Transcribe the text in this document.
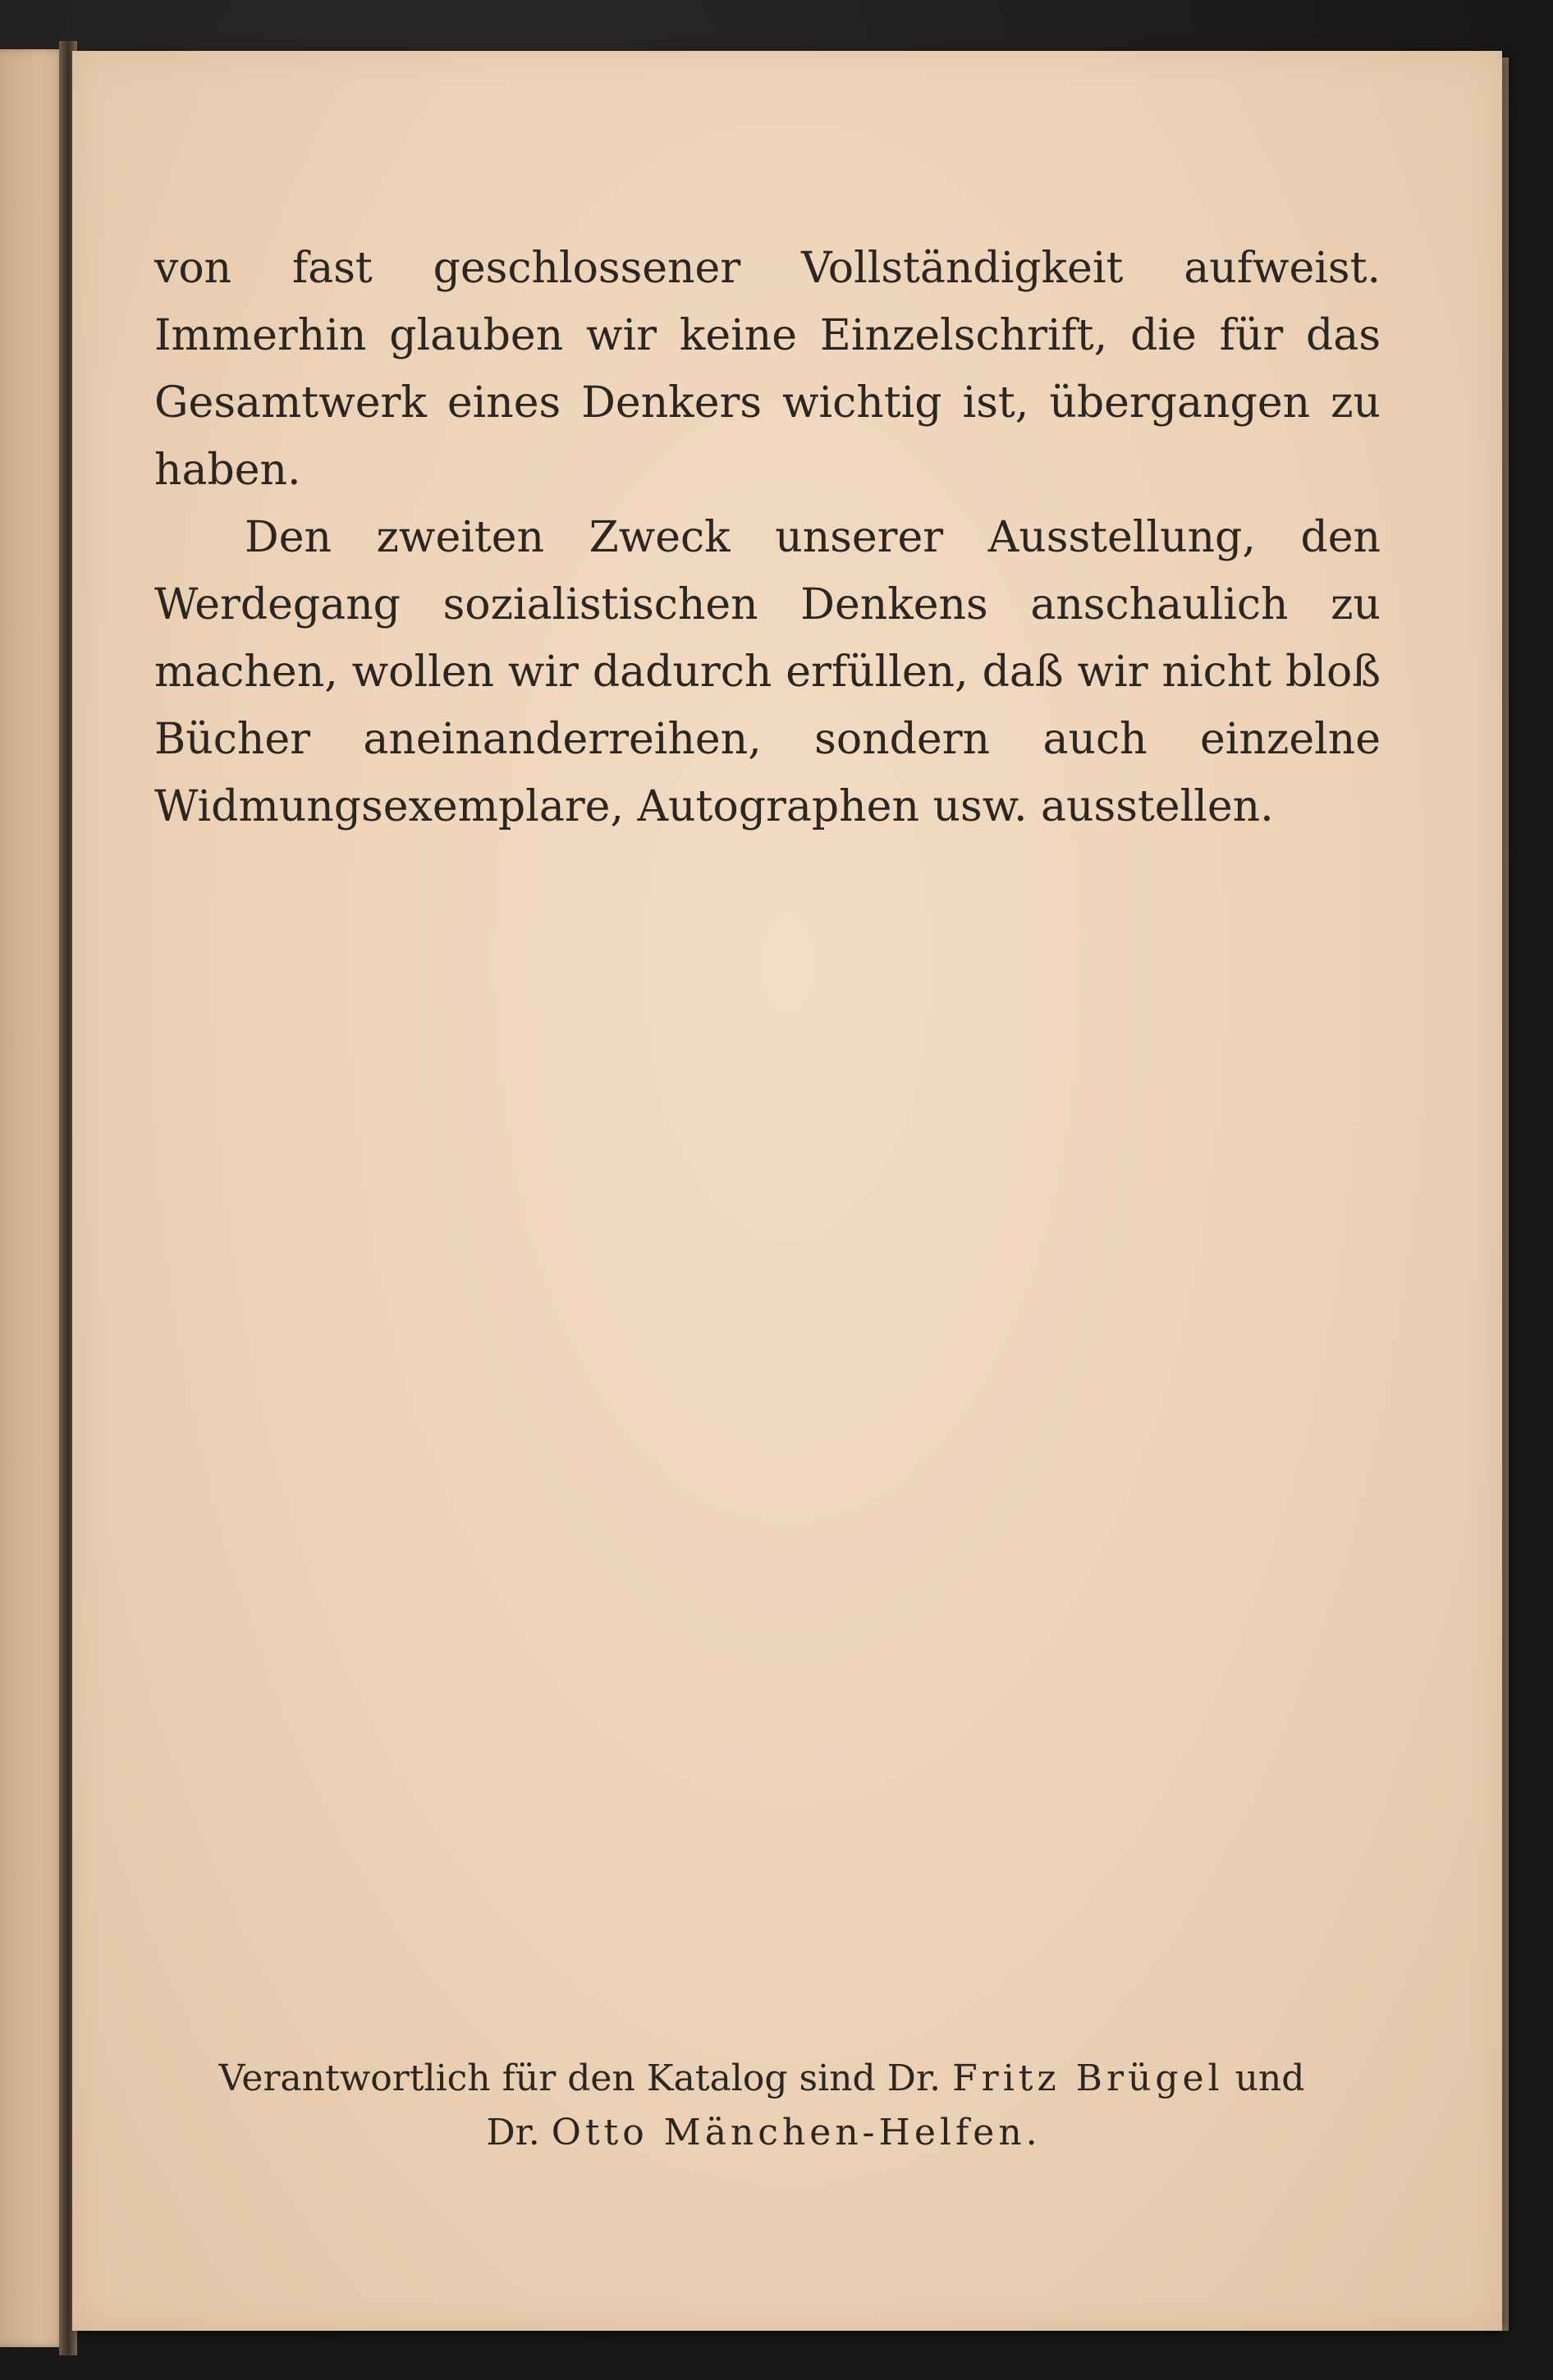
von fast geschlossener Vollständigkeit aufweist. Immerhin glauben wir keine Einzelschrift, die für das Gesamtwerk eines Denkers wichtig ist, übergangen zu haben.

Den zweiten Zweck unserer Ausstellung, den Werdegang sozialistischen Denkens anschaulich zu machen, wollen wir dadurch erfüllen, daß wir nicht bloß Bücher aneinanderreihen, sondern auch einzelne Widmungsexemplare, Autographen usw. ausstellen.

Verantwortlich für den Katalog sind Dr. Fritz Brügel und
Dr. Otto Mänchen-Helfen.
